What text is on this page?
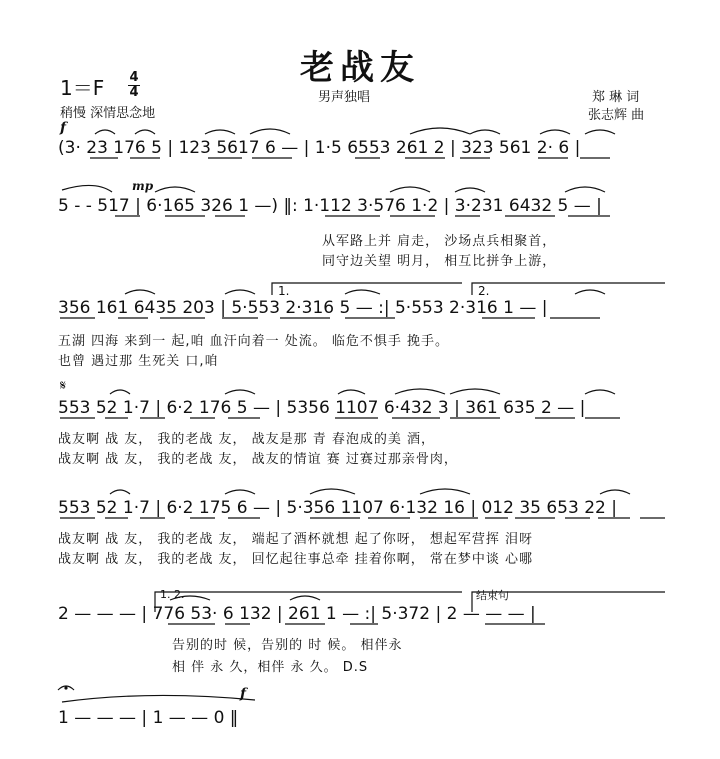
老战友
1＝F 4
4
稍慢 深情思念地
男声独唱	郑 琳 词
张志辉 曲
f
mp
f
1.	2.
1. 2.	结束句
𝄋
(3· 23 176 5 | 123 5617 6 — | 1·5 6553 261 2 | 323 561 2· 6 |
5 - - 517 | 6·165 326 1 —) ‖: 1·112 3·576 1·2 | 3·231 6432 5 — |
从军路上并 肩走， 沙场点兵相聚首，
同守边关望 明月， 相互比拼争上游，
356 161 6435 203 | 5·553 2·316 5 — :| 5·553 2·316 1 — |
五湖 四海 来到一 起,咱 血汗向着一 处流。 临危不惧手 挽手。
也曾 遇过那 生死关 口,咱
553 52 1·7 | 6·2 176 5 — | 5356 1107 6·432 3 | 361 635 2 — |
战友啊 战 友， 我的老战 友， 战友是那 青 春泡成的美 酒，
战友啊 战 友， 我的老战 友， 战友的情谊 赛 过赛过那亲骨肉，
553 52 1·7 | 6·2 175 6 — | 5·356 1107 6·132 16 | 012 35 653 22 |
战友啊 战 友， 我的老战 友， 端起了酒杯就想 起了你呀， 想起军营挥 泪呀
战友啊 战 友， 我的老战 友， 回忆起往事总牵 挂着你啊， 常在梦中谈 心哪
2 — — — | 776 53· 6 132 | 261 1 — :| 5·372 | 2 — — — |
告别的时 候，告别的 时 候。 相伴永
相 伴 永 久，相伴 永 久。 D.S
1 — — — | 1 — — 0 ‖
